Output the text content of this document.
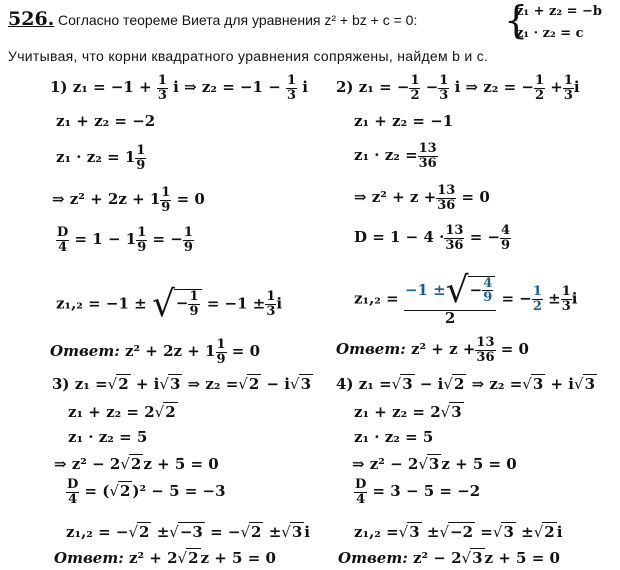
526. Согласно теореме Виета для уравнения z² + bz + c = 0: {
z₁ + z₂ = −b
z₁ · z₂ = c
Учитывая, что корни квадратного уравнения сопряжены, найдем b и c.
1) $z_1 = -1 + \frac{1}{3}$ i ⇒ $z_2 = -1 - \frac{1}{3}$ i
z₁ + z₂ = −2
$z_1 \cdot z_2 = 1 \frac{1}{9}$
⇒ $z^2 + 2z + 1 \frac{1}{9} = 0$
$\frac{D}{4} = 1 - 1 \frac{1}{9}$ = − $\frac{1}{9}$
z₁,₂ = −1 ± √− $\frac{1}{9} = -1 \pm \frac{1}{3}$ i
Ответ: $z^2 + 2z + 1 \frac{1}{9} = 0$
2) z₁ = − $\frac{1}{2} - \frac{1}{3}$ i ⇒ z₂ = − $\frac{1}{2} + \frac{1}{3}$ i
z₁ + z₂ = −1
$z_1 \cdot z_2 = \frac{13}{36}$
⇒ $z^2 + z + \frac{13}{36} = 0$
$D = 1 - 4 \cdot \frac{13}{36}$ = − $\frac{4}{9}$
$z_1,_2 = \frac{-1 \pm√- \frac{4}{9}}{2}$ = − $\frac{1}{2} \pm \frac{1}{3}$ i
Ответ: $z^2 + z + \frac{13}{36} = 0$
3) z₁ =√2 + i√3 ⇒ z₂ =√2 − i√3
z₁ + z₂ = 2√2
z₁ · z₂ = 5
⇒ z² − 2√2 z + 5 = 0
$\frac{D}{4} = (√2$ )² − 5 = −3
z₁,₂ = −√2 ±√−3 = −√2 ±√3 i
Ответ: z² + 2√2 z + 5 = 0
4) z₁ =√3 − i√2 ⇒ z₂ =√3 + i√3
z₁ + z₂ = 2√3
z₁ · z₂ = 5
⇒ z² − 2√3 z + 5 = 0
$\frac{D}{4} = 3 - 5 = -2$
z₁,₂ =√3 ±√−2 =√3 ±√2 i
Ответ: z² − 2√3 z + 5 = 0
